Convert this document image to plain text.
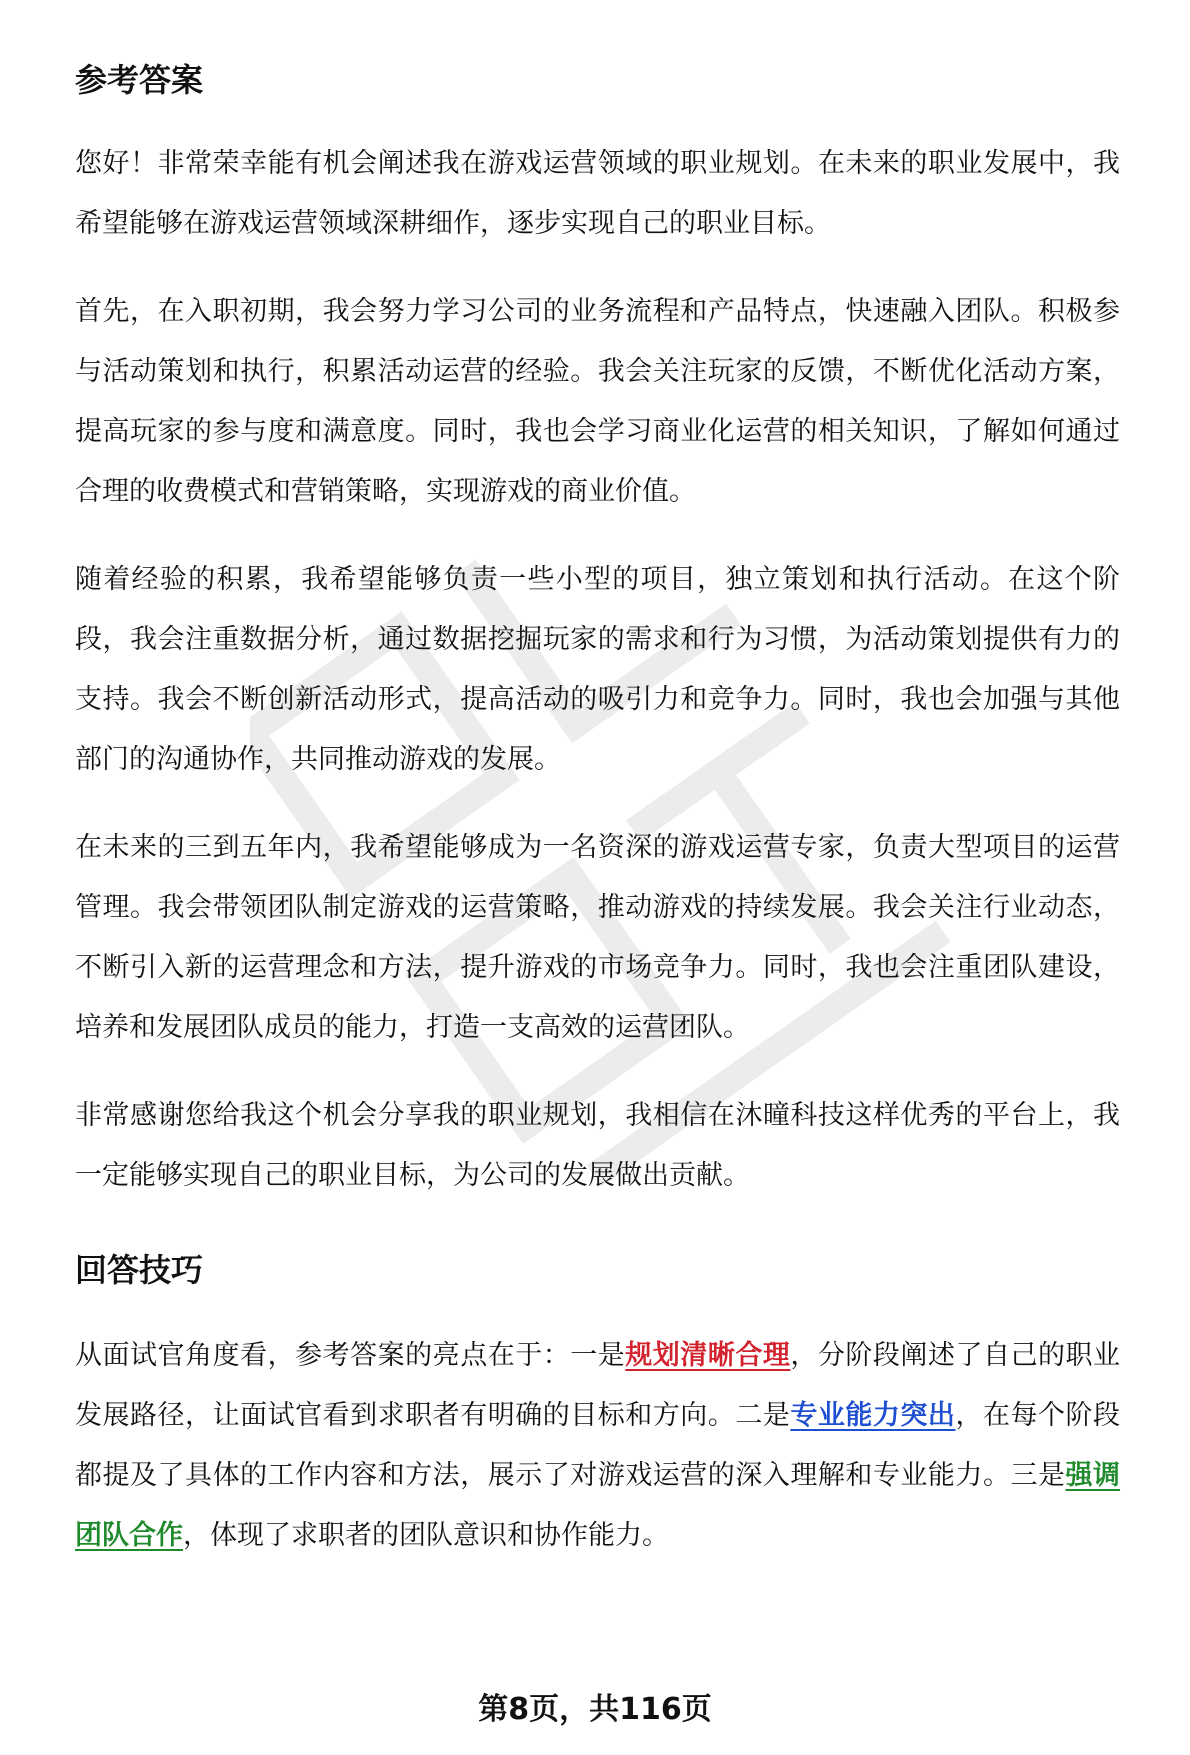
参考答案

您好！非常荣幸能有机会阐述我在游戏运营领域的职业规划。在未来的职业发展中，我希望能够在游戏运营领域深耕细作，逐步实现自己的职业目标。

首先，在入职初期，我会努力学习公司的业务流程和产品特点，快速融入团队。积极参与活动策划和执行，积累活动运营的经验。我会关注玩家的反馈，不断优化活动方案，提高玩家的参与度和满意度。同时，我也会学习商业化运营的相关知识，了解如何通过合理的收费模式和营销策略，实现游戏的商业价值。

随着经验的积累，我希望能够负责一些小型的项目，独立策划和执行活动。在这个阶段，我会注重数据分析，通过数据挖掘玩家的需求和行为习惯，为活动策划提供有力的支持。我会不断创新活动形式，提高活动的吸引力和竞争力。同时，我也会加强与其他部门的沟通协作，共同推动游戏的发展。

在未来的三到五年内，我希望能够成为一名资深的游戏运营专家，负责大型项目的运营管理。我会带领团队制定游戏的运营策略，推动游戏的持续发展。我会关注行业动态，不断引入新的运营理念和方法，提升游戏的市场竞争力。同时，我也会注重团队建设，培养和发展团队成员的能力，打造一支高效的运营团队。

非常感谢您给我这个机会分享我的职业规划，我相信在沐曈科技这样优秀的平台上，我一定能够实现自己的职业目标，为公司的发展做出贡献。

回答技巧

从面试官角度看，参考答案的亮点在于：一是规划清晰合理，分阶段阐述了自己的职业发展路径，让面试官看到求职者有明确的目标和方向。二是专业能力突出，在每个阶段都提及了具体的工作内容和方法，展示了对游戏运营的深入理解和专业能力。三是强调团队合作，体现了求职者的团队意识和协作能力。

第8页，共116页
